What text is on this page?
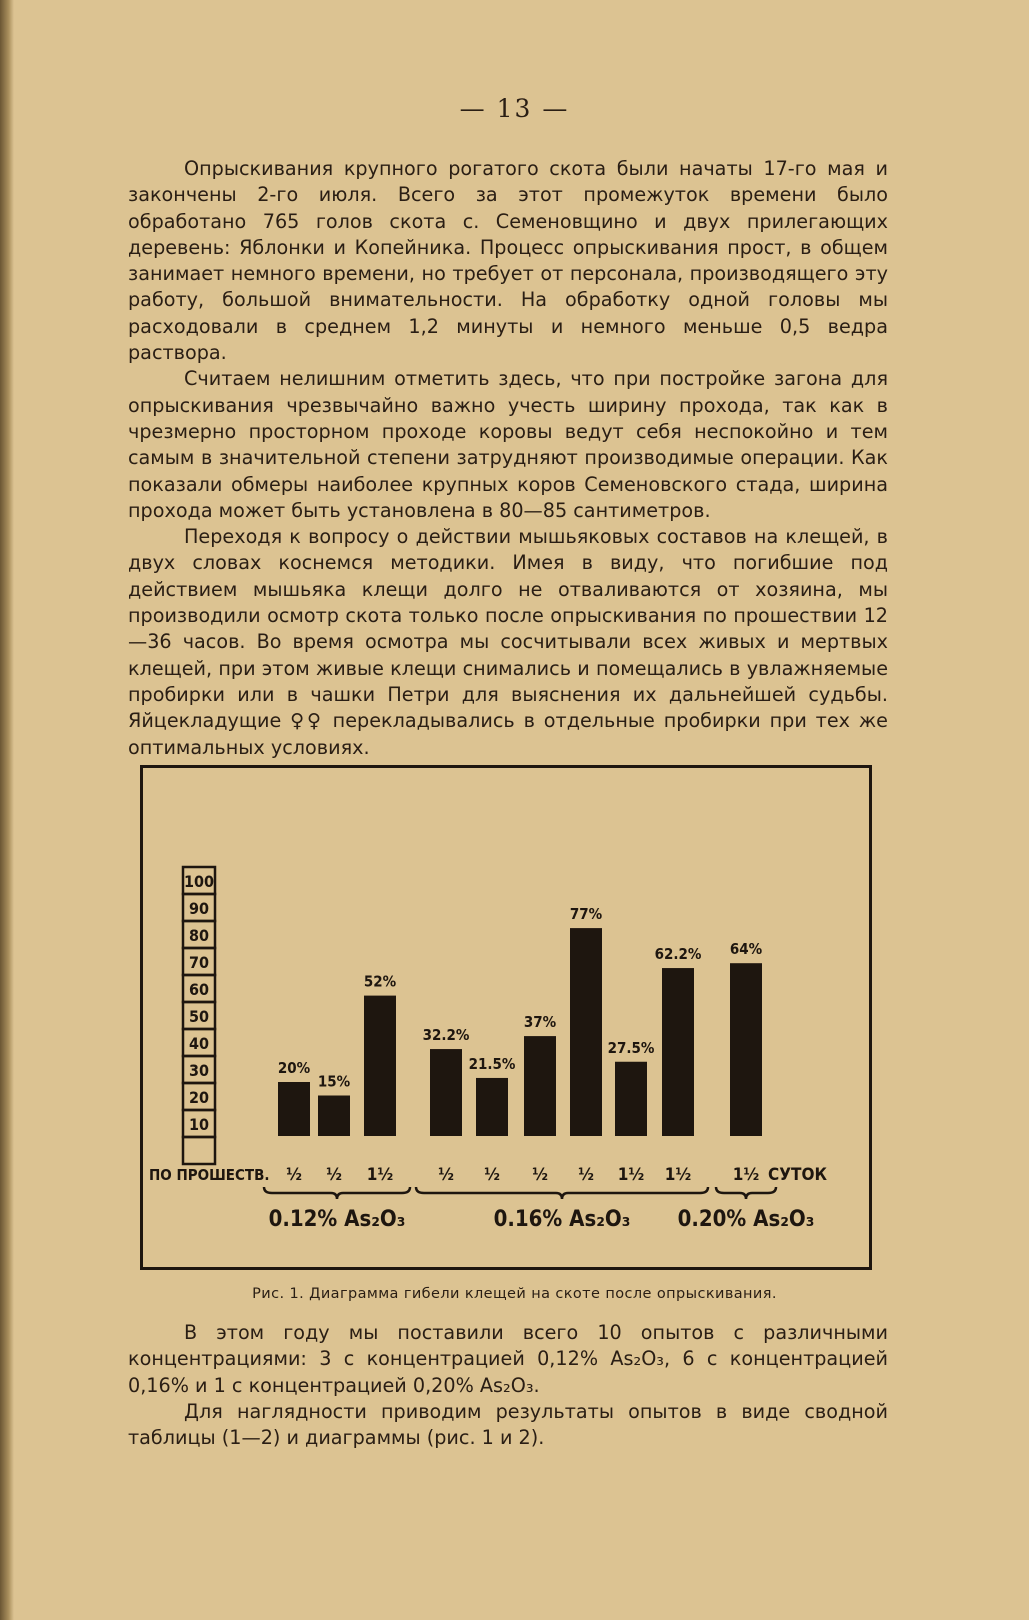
— 13 —

Опрыскивания крупного рогатого скота были начаты 17-го мая и закончены 2-го июля. Всего за этот промежуток времени было обработано 765 голов скота с. Семеновщино и двух прилегающих деревень: Яблонки и Копейника. Процесс опрыскивания прост, в общем занимает немного времени, но требует от персонала, производящего эту работу, большой внимательности. На обработку одной головы мы расходовали в среднем 1,2 минуты и немного меньше 0,5 ведра раствора.

Считаем нелишним отметить здесь, что при постройке загона для опрыскивания чрезвычайно важно учесть ширину прохода, так как в чрезмерно просторном проходе коровы ведут себя неспокойно и тем самым в значительной степени затрудняют производимые операции. Как показали обмеры наиболее крупных коров Семеновского стада, ширина прохода может быть установлена в 80—85 сантиметров.

Переходя к вопросу о действии мышьяковых составов на клещей, в двух словах коснемся методики. Имея в виду, что погибшие под действием мышьяка клещи долго не отваливаются от хозяина, мы производили осмотр скота только после опрыскивания по прошествии 12—36 часов. Во время осмотра мы сосчитывали всех живых и мертвых клещей, при этом живые клещи снимались и помещались в увлажняемые пробирки или в чашки Петри для выяснения их дальнейшей судьбы. Яйцекладущие ♀♀ перекладывались в отдельные пробирки при тех же оптимальных условиях.

100
90
80
70
60
50
40
30
20
10
20%
½
15%
½
52%
1½
32.2%
½
21.5%
½
37%
½
77%
½
27.5%
1½
62.2%
1½
64%
1½
ПО ПРОШЕСТВ.	СУТОК
0.12% As₂O₃	0.16% As₂O₃ 0.20% As₂O₃
Рис. 1. Диаграмма гибели клещей на скоте после опрыскивания.

В этом году мы поставили всего 10 опытов с различными концентрациями: 3 с концентрацией 0,12% As₂O₃, 6 с концентрацией 0,16% и 1 с концентрацией 0,20% As₂O₃.

Для наглядности приводим результаты опытов в виде сводной таблицы (1—2) и диаграммы (рис. 1 и 2).
